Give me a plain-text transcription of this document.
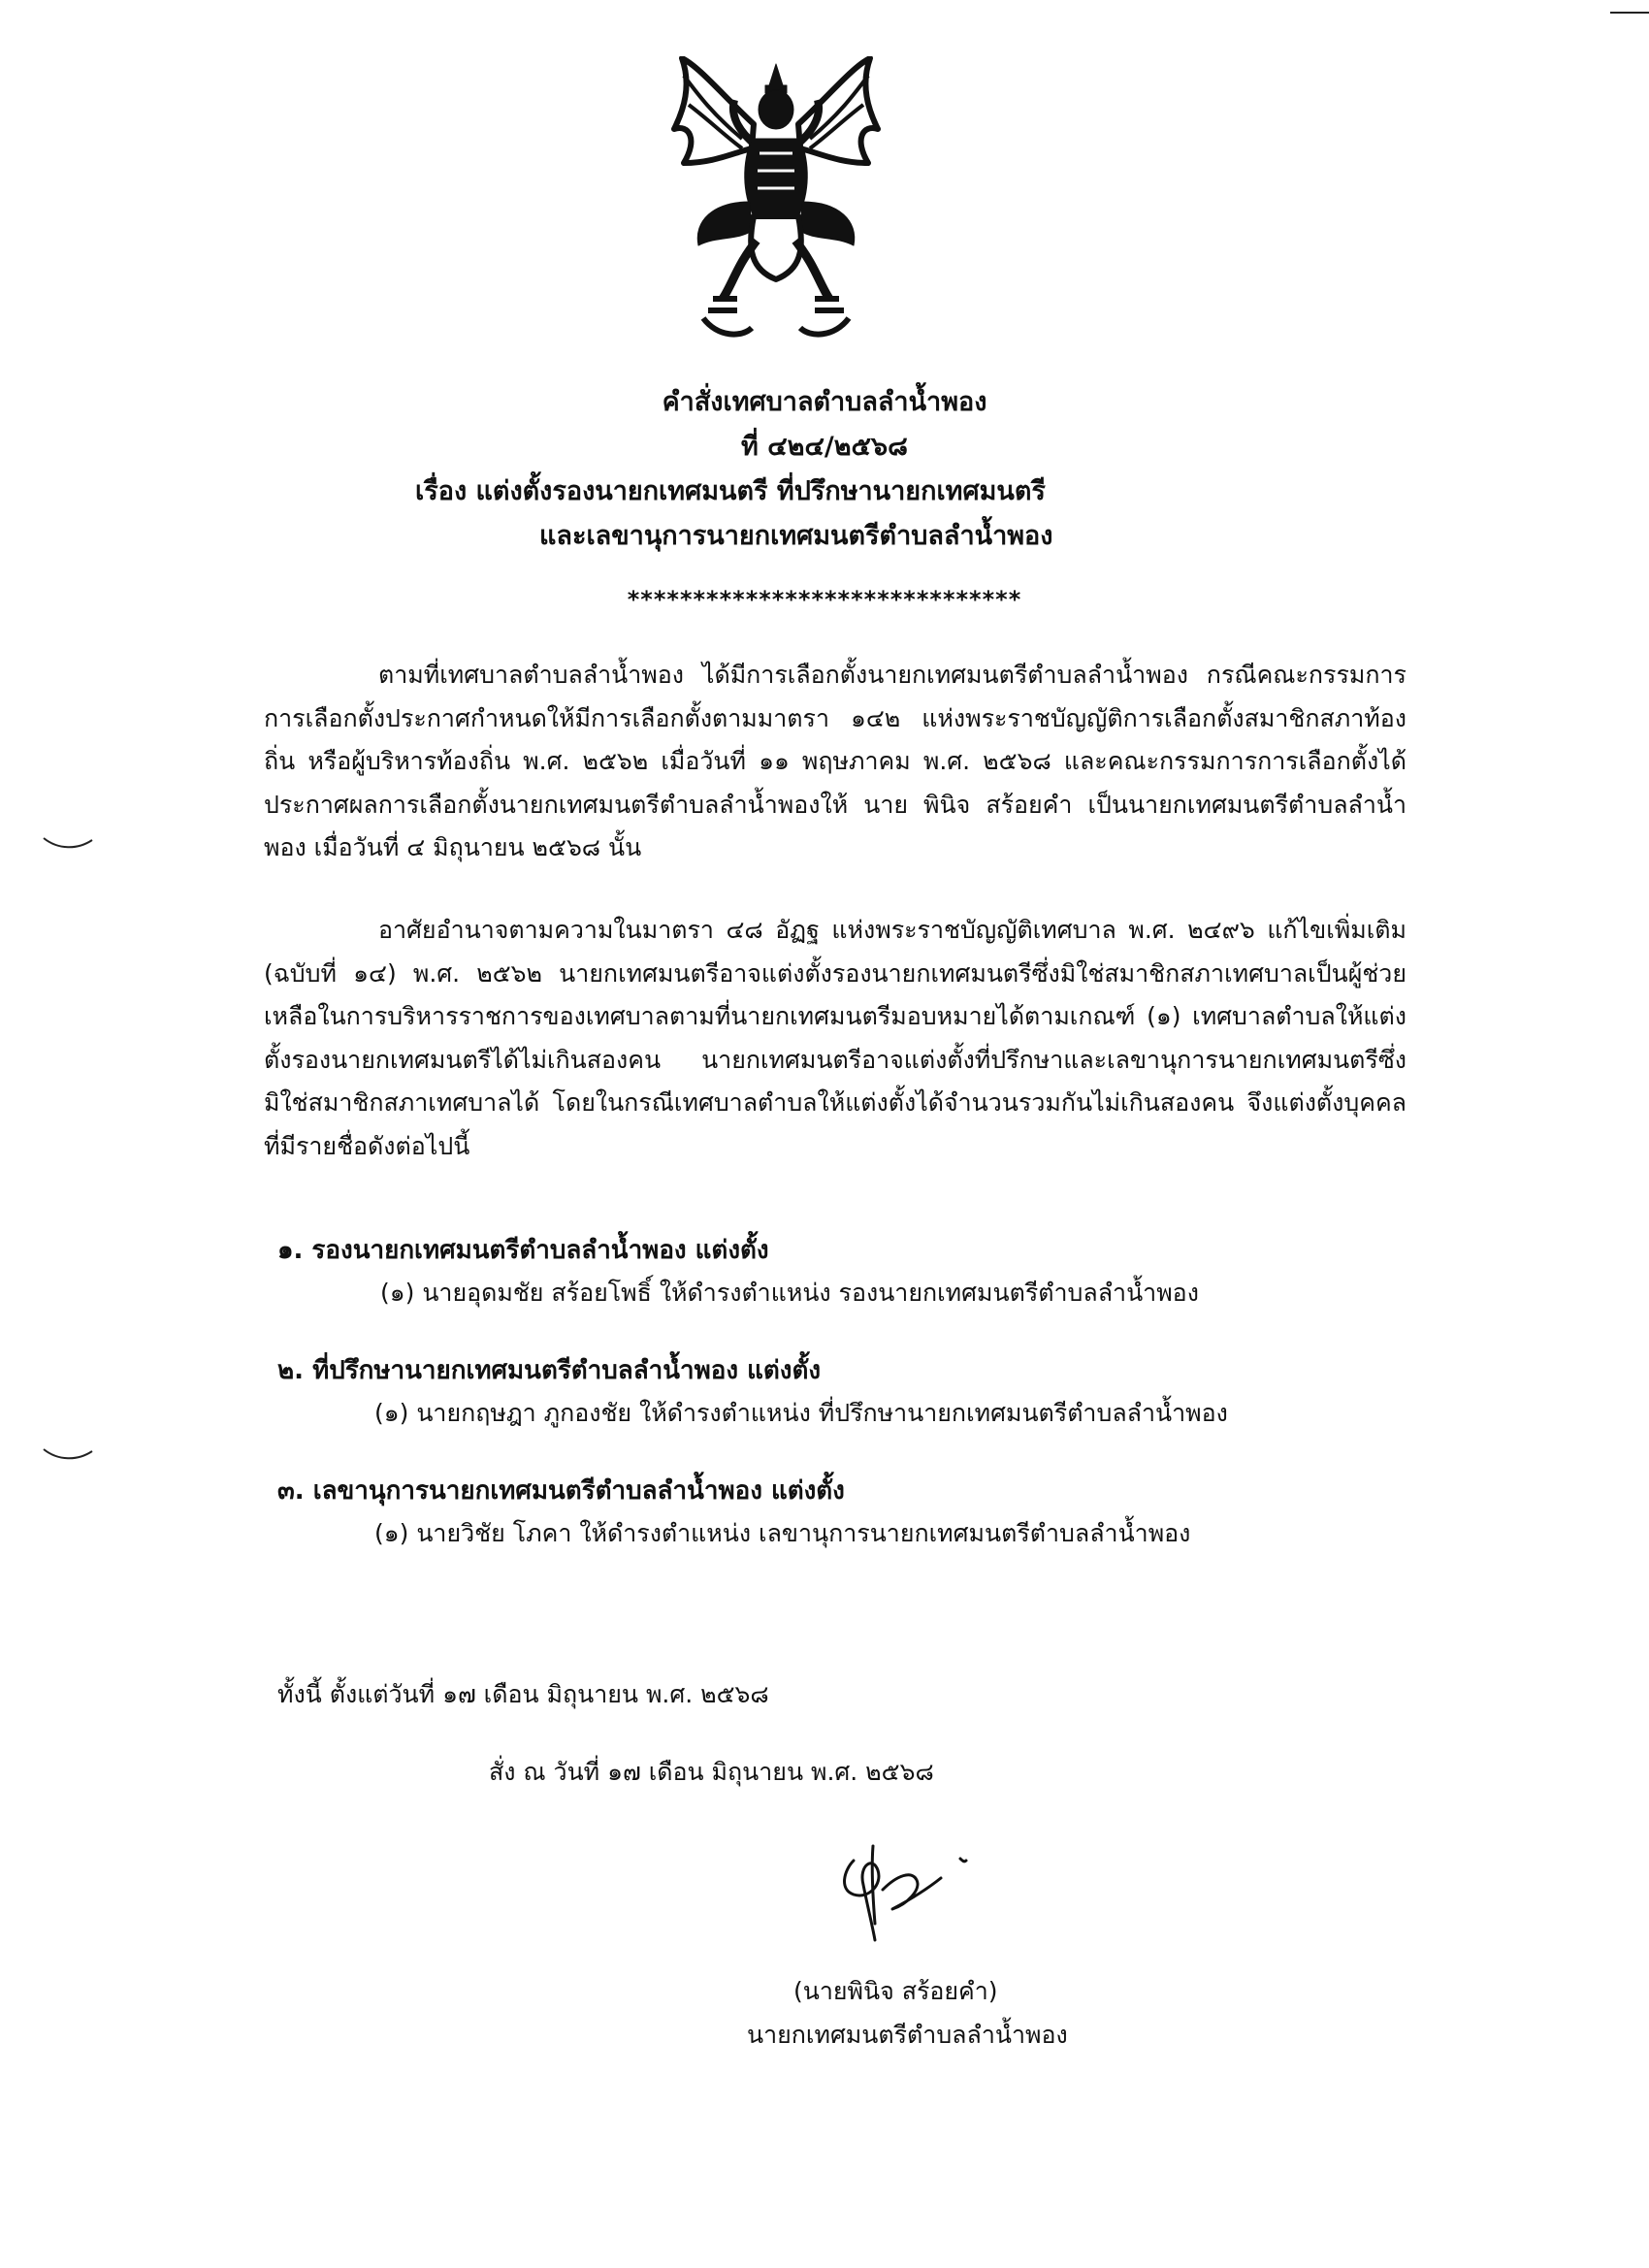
คำสั่งเทศบาลตำบลลำน้ำพอง
ที่ ๔๒๔/๒๕๖๘
เรื่อง แต่งตั้งรองนายกเทศมนตรี ที่ปรึกษานายกเทศมนตรี
และเลขานุการนายกเทศมนตรีตำบลลำน้ำพอง
******************************

ตามที่เทศบาลตำบลลำน้ำพอง ได้มีการเลือกตั้งนายกเทศมนตรีตำบลลำน้ำพอง กรณีคณะกรรมการการเลือกตั้งประกาศกำหนดให้มีการเลือกตั้งตามมาตรา ๑๔๒ แห่งพระราชบัญญัติการเลือกตั้งสมาชิกสภาท้องถิ่น หรือผู้บริหารท้องถิ่น พ.ศ. ๒๕๖๒ เมื่อวันที่ ๑๑ พฤษภาคม พ.ศ. ๒๕๖๘ และคณะกรรมการการเลือกตั้งได้ประกาศผลการเลือกตั้งนายกเทศมนตรีตำบลลำน้ำพองให้ นาย พินิจ สร้อยคำ เป็นนายกเทศมนตรีตำบลลำน้ำพอง เมื่อวันที่ ๔ มิถุนายน ๒๕๖๘ นั้น

อาศัยอำนาจตามความในมาตรา ๔๘ อัฏฐ แห่งพระราชบัญญัติเทศบาล พ.ศ. ๒๔๙๖ แก้ไขเพิ่มเติม (ฉบับที่ ๑๔) พ.ศ. ๒๕๖๒ นายกเทศมนตรีอาจแต่งตั้งรองนายกเทศมนตรีซึ่งมิใช่สมาชิกสภาเทศบาลเป็นผู้ช่วยเหลือในการบริหารราชการของเทศบาลตามที่นายกเทศมนตรีมอบหมายได้ตามเกณฑ์ (๑) เทศบาลตำบลให้แต่งตั้งรองนายกเทศมนตรีได้ไม่เกินสองคน นายกเทศมนตรีอาจแต่งตั้งที่ปรึกษาและเลขานุการนายกเทศมนตรีซึ่งมิใช่สมาชิกสภาเทศบาลได้ โดยในกรณีเทศบาลตำบลให้แต่งตั้งได้จำนวนรวมกันไม่เกินสองคน จึงแต่งตั้งบุคคลที่มีรายชื่อดังต่อไปนี้

๑. รองนายกเทศมนตรีตำบลลำน้ำพอง แต่งตั้ง
(๑) นายอุดมชัย สร้อยโพธิ์ ให้ดำรงตำแหน่ง รองนายกเทศมนตรีตำบลลำน้ำพอง
๒. ที่ปรึกษานายกเทศมนตรีตำบลลำน้ำพอง แต่งตั้ง
(๑) นายกฤษฎา ภูกองชัย ให้ดำรงตำแหน่ง ที่ปรึกษานายกเทศมนตรีตำบลลำน้ำพอง
๓. เลขานุการนายกเทศมนตรีตำบลลำน้ำพอง แต่งตั้ง
(๑) นายวิชัย โภคา ให้ดำรงตำแหน่ง เลขานุการนายกเทศมนตรีตำบลลำน้ำพอง
ทั้งนี้ ตั้งแต่วันที่ ๑๗ เดือน มิถุนายน พ.ศ. ๒๕๖๘
สั่ง ณ วันที่ ๑๗ เดือน มิถุนายน พ.ศ. ๒๕๖๘
(นายพินิจ สร้อยคำ)
นายกเทศมนตรีตำบลลำน้ำพอง
